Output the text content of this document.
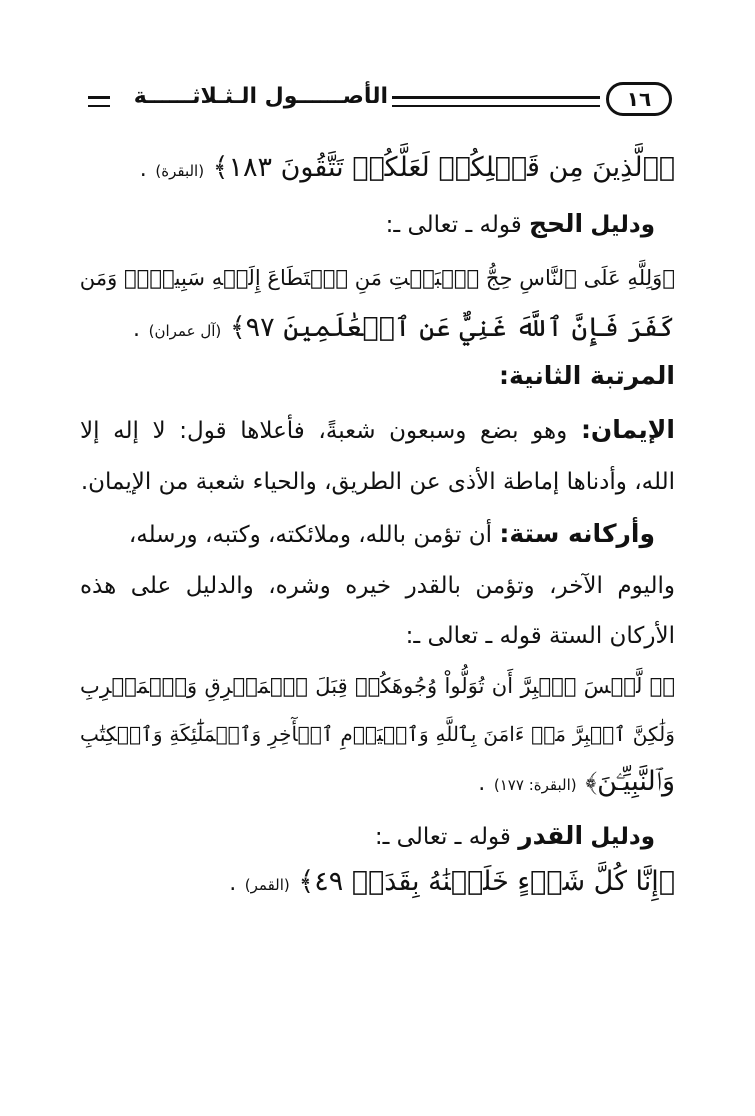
الأصــــــول الـثـلاثــــــة	١٦
﴿ٱلَّذِينَ مِن قَبۡلِكُمۡ لَعَلَّكُمۡ تَتَّقُونَ ١٨٣﴾ (البقرة) .
ودليل الحج قوله ـ تعالى ـ:
﴿وَلِلَّهِ عَلَى ٱلنَّاسِ حِجُّ ٱلۡبَيۡتِ مَنِ ٱسۡتَطَاعَ إِلَيۡهِ سَبِيلٗاۚ وَمَن
كَفَرَ فَإِنَّ ٱللَّهَ غَنِيٌّ عَنِ ٱلۡعَٰلَمِينَ ٩٧﴾ (آل عمران) .
المرتبة الثانية:
الإيمان: وهو بضع وسبعون شعبةً، فأعلاها قول: لا إله إلا
الله، وأدناها إماطة الأذى عن الطريق، والحياء شعبة من الإيمان.
وأركانه ستة: أن تؤمن بالله، وملائكته، وكتبه، ورسله،
واليوم الآخر، وتؤمن بالقدر خيره وشره، والدليل على هذه
الأركان الستة قوله ـ تعالى ـ:
﴿۞ لَّيۡسَ ٱلۡبِرَّ أَن تُوَلُّواْ وُجُوهَكُمۡ قِبَلَ ٱلۡمَشۡرِقِ وَٱلۡمَغۡرِبِ
وَلَٰكِنَّ ٱلۡبِرَّ مَنۡ ءَامَنَ بِٱللَّهِ وَٱلۡيَوۡمِ ٱلۡأٓخِرِ وَٱلۡمَلَٰٓئِكَةِ وَٱلۡكِتَٰبِ
وَٱلنَّبِيِّـۧنَ﴾ (البقرة: ١٧٧) .
ودليل القدر قوله ـ تعالى ـ:
﴿إِنَّا كُلَّ شَيۡءٍ خَلَقۡنَٰهُ بِقَدَرٖ ٤٩﴾ (القمر) .
